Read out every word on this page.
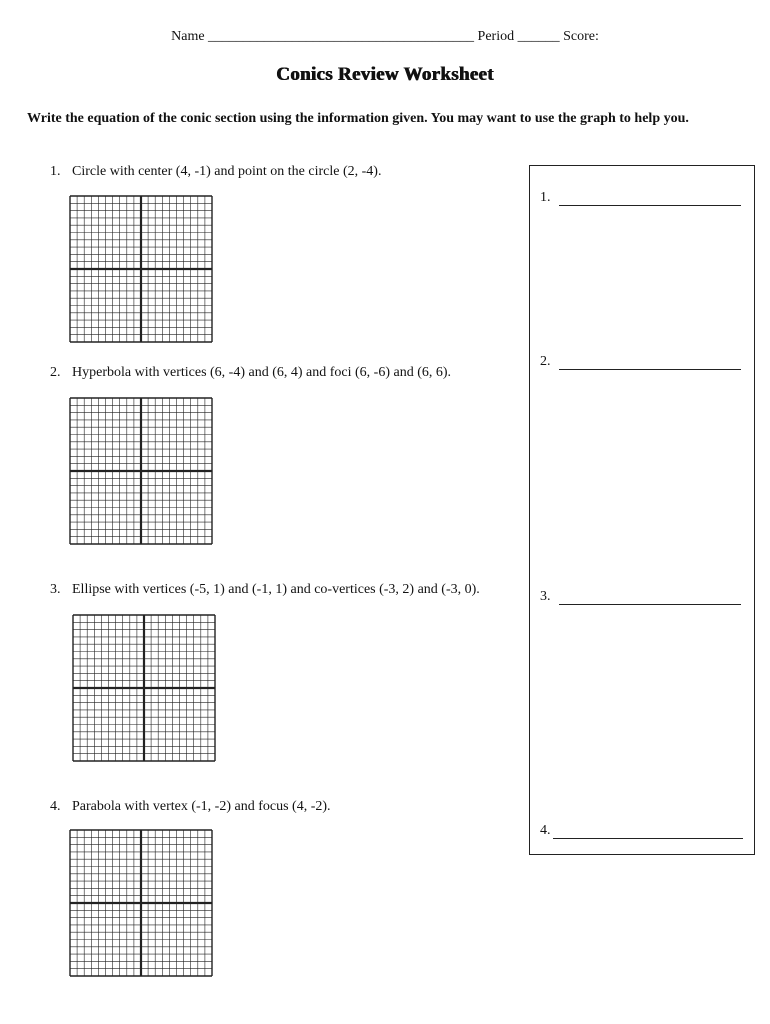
Name ______________________________________ Period ______ Score:
Conics Review Worksheet
Write the equation of the conic section using the information given. You may want to use the graph to help you.
1. Circle with center (4, -1) and point on the circle (2, -4).
2. Hyperbola with vertices (6, -4) and (6, 4) and foci (6, -6) and (6, 6).
3. Ellipse with vertices (-5, 1) and (-1, 1) and co-vertices (-3, 2) and (-3, 0).
4. Parabola with vertex (-1, -2) and focus (4, -2).
1.
2.
3.
4.
